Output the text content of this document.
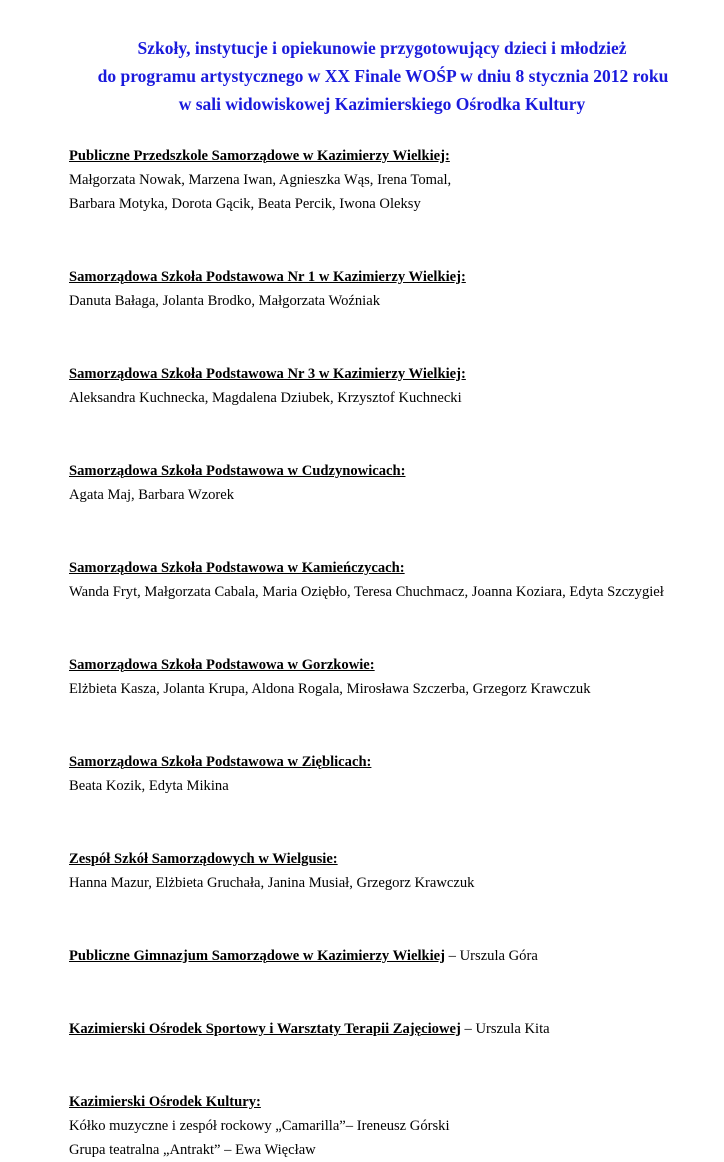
Szkoły, instytucje i opiekunowie przygotowujący dzieci i młodzież
do programu artystycznego w XX Finale WOŚP w dniu 8 stycznia 2012 roku
w sali widowiskowej Kazimierskiego Ośrodka Kultury
Publiczne Przedszkole Samorządowe w Kazimierzy Wielkiej:
Małgorzata Nowak, Marzena Iwan, Agnieszka Wąs, Irena Tomal,
Barbara Motyka, Dorota Gącik, Beata Percik, Iwona Oleksy
Samorządowa Szkoła Podstawowa Nr 1 w Kazimierzy Wielkiej:
Danuta Bałaga, Jolanta Brodko, Małgorzata Woźniak
Samorządowa Szkoła Podstawowa Nr 3 w Kazimierzy Wielkiej:
Aleksandra Kuchnecka, Magdalena Dziubek, Krzysztof Kuchnecki
Samorządowa Szkoła Podstawowa w Cudzynowicach:
Agata Maj, Barbara Wzorek
Samorządowa Szkoła Podstawowa w Kamieńczycach:
Wanda Fryt, Małgorzata Cabala, Maria Oziębło, Teresa Chuchmacz, Joanna Koziara, Edyta Szczygieł
Samorządowa Szkoła Podstawowa w Gorzkowie:
Elżbieta Kasza, Jolanta Krupa, Aldona Rogala, Mirosława Szczerba, Grzegorz Krawczuk
Samorządowa Szkoła Podstawowa w Zięblicach:
Beata Kozik, Edyta Mikina
Zespół Szkół Samorządowych w Wielgusie:
Hanna Mazur, Elżbieta Gruchała, Janina Musiał, Grzegorz Krawczuk
Publiczne Gimnazjum Samorządowe w Kazimierzy Wielkiej – Urszula Góra
Kazimierski Ośrodek Sportowy i Warsztaty Terapii Zajęciowej – Urszula Kita
Kazimierski Ośrodek Kultury:
Kółko muzyczne i zespół rockowy „Camarilla”– Ireneusz Górski
Grupa teatralna „Antrakt” – Ewa Więcław
